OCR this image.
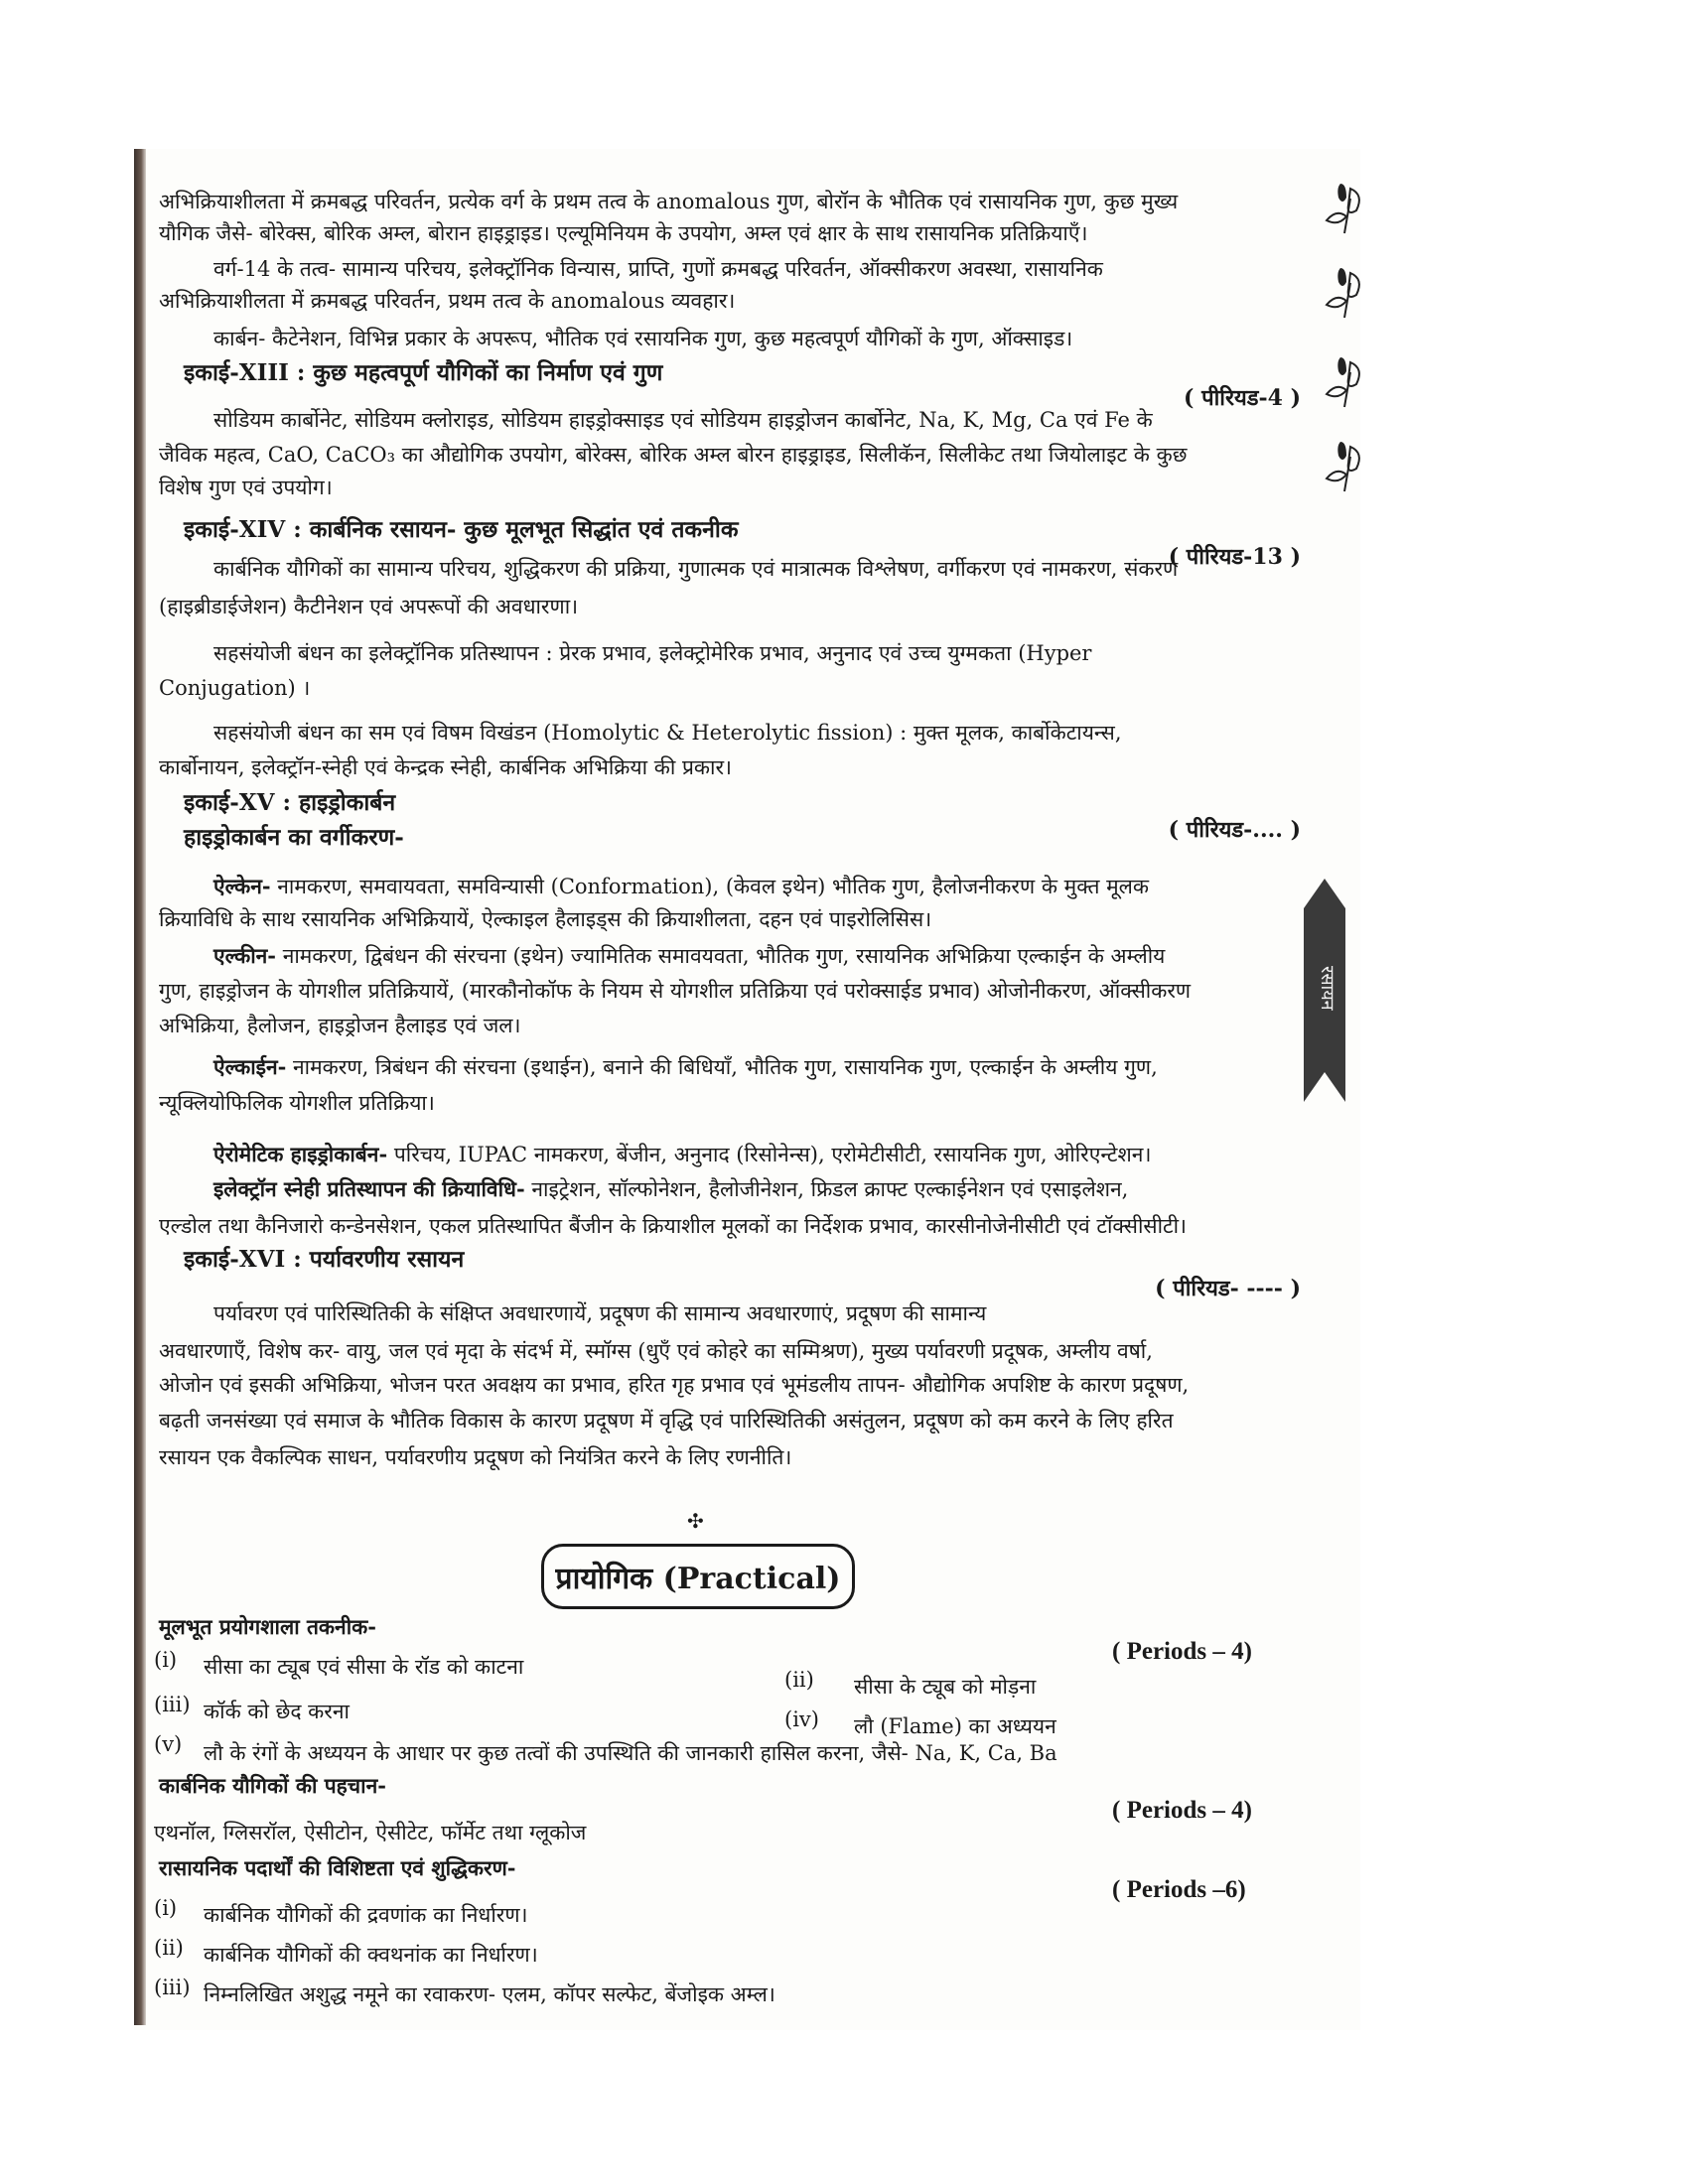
रसायन
अभिक्रियाशीलता में क्रमबद्ध परिवर्तन, प्रत्येक वर्ग के प्रथम तत्व के anomalous गुण, बोरॉन के भौतिक एवं रासायनिक गुण, कुछ मुख्य
यौगिक जैसे- बोरेक्स, बोरिक अम्ल, बोरान हाइड्राइड। एल्यूमिनियम के उपयोग, अम्ल एवं क्षार के साथ रासायनिक प्रतिक्रियाएँ।
वर्ग-14 के तत्व- सामान्य परिचय, इलेक्ट्रॉनिक विन्यास, प्राप्ति, गुणों क्रमबद्ध परिवर्तन, ऑक्सीकरण अवस्था, रासायनिक
अभिक्रियाशीलता में क्रमबद्ध परिवर्तन, प्रथम तत्व के anomalous व्यवहार।
कार्बन- कैटेनेशन, विभिन्न प्रकार के अपरूप, भौतिक एवं रसायनिक गुण, कुछ महत्वपूर्ण यौगिकों के गुण, ऑक्साइड।
इकाई-XIII : कुछ महत्वपूर्ण यौगिकों का निर्माण एवं गुण
( पीरियड-4 )
सोडियम कार्बोनेट, सोडियम क्लोराइड, सोडियम हाइड्रोक्साइड एवं सोडियम हाइड्रोजन कार्बोनेट, Na, K, Mg, Ca एवं Fe के
जैविक महत्व, CaO, CaCO₃ का औद्योगिक उपयोग, बोरेक्स, बोरिक अम्ल बोरन हाइड्राइड, सिलीकॅन, सिलीकेट तथा जियोलाइट के कुछ
विशेष गुण एवं उपयोग।
इकाई-XIV : कार्बनिक रसायन- कुछ मूलभूत सिद्धांत एवं तकनीक
( पीरियड-13 )
कार्बनिक यौगिकों का सामान्य परिचय, शुद्धिकरण की प्रक्रिया, गुणात्मक एवं मात्रात्मक विश्लेषण, वर्गीकरण एवं नामकरण, संकरण
(हाइब्रीडाईजेशन) कैटीनेशन एवं अपरूपों की अवधारणा।
सहसंयोजी बंधन का इलेक्ट्रॉनिक प्रतिस्थापन : प्रेरक प्रभाव, इलेक्ट्रोमेरिक प्रभाव, अनुनाद एवं उच्च युग्मकता (Hyper
Conjugation) ।
सहसंयोजी बंधन का सम एवं विषम विखंडन (Homolytic & Heterolytic fission) : मुक्त मूलक, कार्बोकेटायन्स,
कार्बोनायन, इलेक्ट्रॉन-स्नेही एवं केन्द्रक स्नेही, कार्बनिक अभिक्रिया की प्रकार।
इकाई-XV : हाइड्रोकार्बन
हाइड्रोकार्बन का वर्गीकरण-	( पीरियड-.... )
ऐल्केन- नामकरण, समवायवता, समविन्यासी (Conformation), (केवल इथेन) भौतिक गुण, हैलोजनीकरण के मुक्त मूलक
क्रियाविधि के साथ रसायनिक अभिक्रियायें, ऐल्काइल हैलाइड्स की क्रियाशीलता, दहन एवं पाइरोलिसिस।
एल्कीन- नामकरण, द्विबंधन की संरचना (इथेन) ज्यामितिक समावयवता, भौतिक गुण, रसायनिक अभिक्रिया एल्काईन के अम्लीय
गुण, हाइड्रोजन के योगशील प्रतिक्रियायें, (मारकौनोकॉफ के नियम से योगशील प्रतिक्रिया एवं परोक्साईड प्रभाव) ओजोनीकरण, ऑक्सीकरण
अभिक्रिया, हैलोजन, हाइड्रोजन हैलाइड एवं जल।
ऐल्काईन- नामकरण, त्रिबंधन की संरचना (इथाईन), बनाने की बिधियाँ, भौतिक गुण, रासायनिक गुण, एल्काईन के अम्लीय गुण,
न्यूक्लियोफिलिक योगशील प्रतिक्रिया।
ऐरोमेटिक हाइड्रोकार्बन- परिचय, IUPAC नामकरण, बेंजीन, अनुनाद (रिसोनेन्स), एरोमेटीसीटी, रसायनिक गुण, ओरिएन्टेशन।
इलेक्ट्रॉन स्नेही प्रतिस्थापन की क्रियाविधि- नाइट्रेशन, सॉल्फोनेशन, हैलोजीनेशन, फ्रिडल क्राफ्ट एल्काईनेशन एवं एसाइलेशन,
एल्डोल तथा कैनिजारो कन्डेनसेशन, एकल प्रतिस्थापित बैंजीन के क्रियाशील मूलकों का निर्देशक प्रभाव, कारसीनोजेनीसीटी एवं टॉक्सीसीटी।
इकाई-XVI : पर्यावरणीय रसायन
( पीरियड- ---- )
पर्यावरण एवं पारिस्थितिकी के संक्षिप्त अवधारणायें, प्रदूषण की सामान्य अवधारणाएं, प्रदूषण की सामान्य
अवधारणाएँ, विशेष कर- वायु, जल एवं मृदा के संदर्भ में, स्मॉग्स (धुएँ एवं कोहरे का सम्मिश्रण), मुख्य पर्यावरणी प्रदूषक, अम्लीय वर्षा,
ओजोन एवं इसकी अभिक्रिया, भोजन परत अवक्षय का प्रभाव, हरित गृह प्रभाव एवं भूमंडलीय तापन- औद्योगिक अपशिष्ट के कारण प्रदूषण,
बढ़ती जनसंख्या एवं समाज के भौतिक विकास के कारण प्रदूषण में वृद्धि एवं पारिस्थितिकी असंतुलन, प्रदूषण को कम करने के लिए हरित
रसायन एक वैकल्पिक साधन, पर्यावरणीय प्रदूषण को नियंत्रित करने के लिए रणनीति।
✣
प्रायोगिक (Practical)
मूलभूत प्रयोगशाला तकनीक-
( Periods – 4)
(i) सीसा का ट्यूब एवं सीसा के रॉड को काटना
(ii) सीसा के ट्यूब को मोड़ना
(iii) कॉर्क को छेद करना	(iv) लौ (Flame) का अध्ययन
(v) लौ के रंगों के अध्ययन के आधार पर कुछ तत्वों की उपस्थिति की जानकारी हासिल करना, जैसे- Na, K, Ca, Ba
कार्बनिक यौगिकों की पहचान-
( Periods – 4)
एथनॉल, ग्लिसरॉल, ऐसीटोन, ऐसीटेट, फॉर्मेट तथा ग्लूकोज
रासायनिक पदार्थों की विशिष्टता एवं शुद्धिकरण-
( Periods –6)
(i) कार्बनिक यौगिकों की द्रवणांक का निर्धारण।
(ii) कार्बनिक यौगिकों की क्वथनांक का निर्धारण।
(iii) निम्नलिखित अशुद्ध नमूने का रवाकरण- एलम, कॉपर सल्फेट, बेंजोइक अम्ल।
